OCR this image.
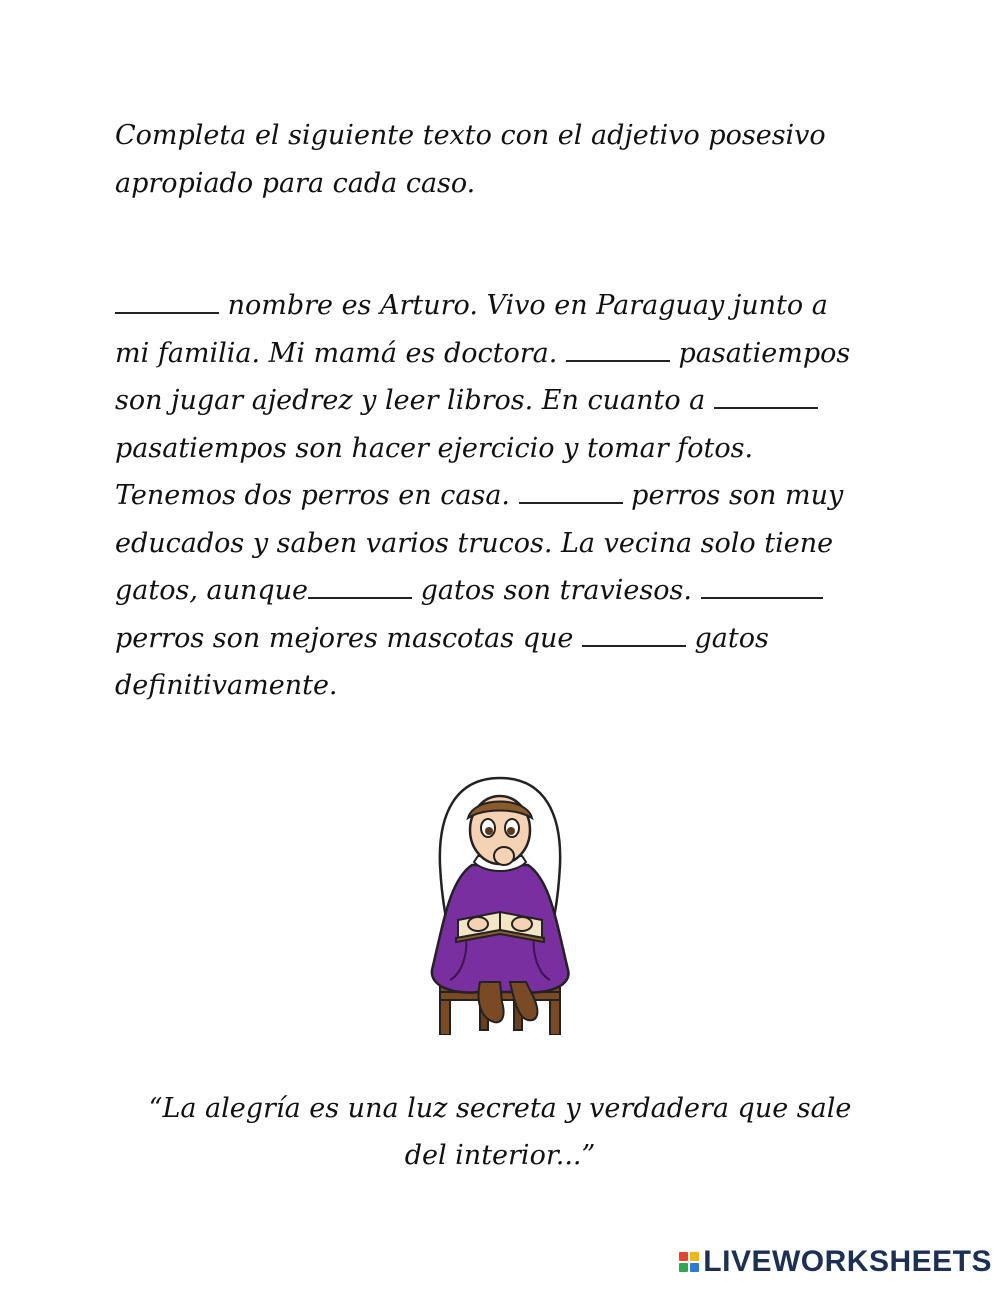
Completa el siguiente texto con el adjetivo posesivo
apropiado para cada caso.
nombre es Arturo. Vivo en Paraguay junto a
mi familia. Mi mamá es doctora.	pasatiempos
son jugar ajedrez y leer libros. En cuanto a
pasatiempos son hacer ejercicio y tomar fotos.
Tenemos dos perros en casa.	perros son muy
educados y saben varios trucos. La vecina solo tiene
gatos, aunque	gatos son traviesos.
perros son mejores mascotas que	gatos
definitivamente.
“La alegría es una luz secreta y verdadera que sale
del interior...”
LIVEWORKSHEETS
